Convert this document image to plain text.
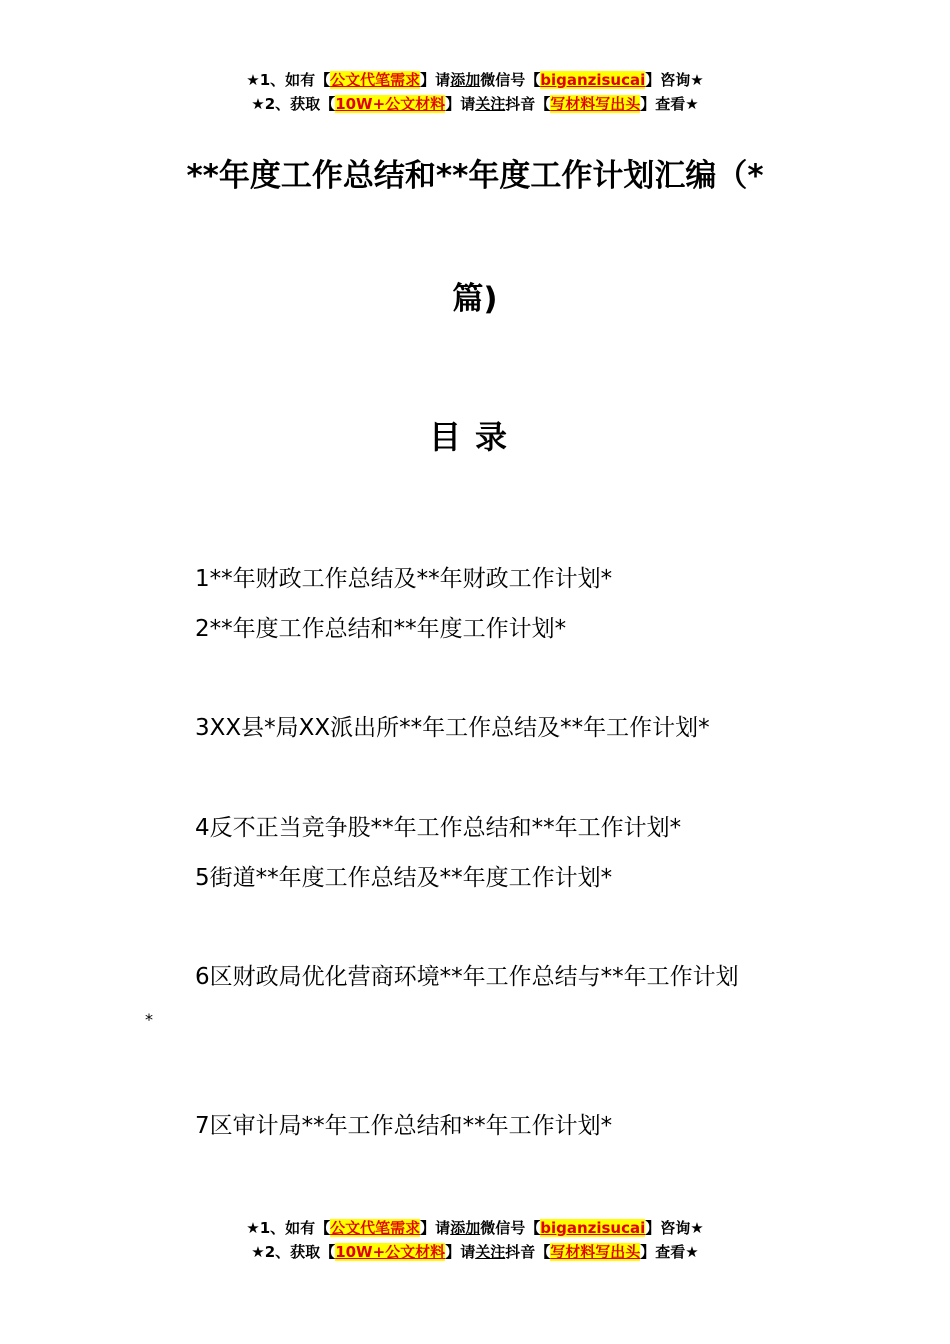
★1、如有【公文代笔需求】请添加微信号【biganzisucai】咨询★
★2、获取【10W+公文材料】请关注抖音【写材料写出头】查看★
**年度工作总结和**年度工作计划汇编（*
篇)
目录
1**年财政工作总结及**年财政工作计划*
2**年度工作总结和**年度工作计划*
3XX县*局XX派出所**年工作总结及**年工作计划*
4反不正当竞争股**年工作总结和**年工作计划*
5街道**年度工作总结及**年度工作计划*
6区财政局优化营商环境**年工作总结与**年工作计划
*
7区审计局**年工作总结和**年工作计划*
★1、如有【公文代笔需求】请添加微信号【biganzisucai】咨询★
★2、获取【10W+公文材料】请关注抖音【写材料写出头】查看★
